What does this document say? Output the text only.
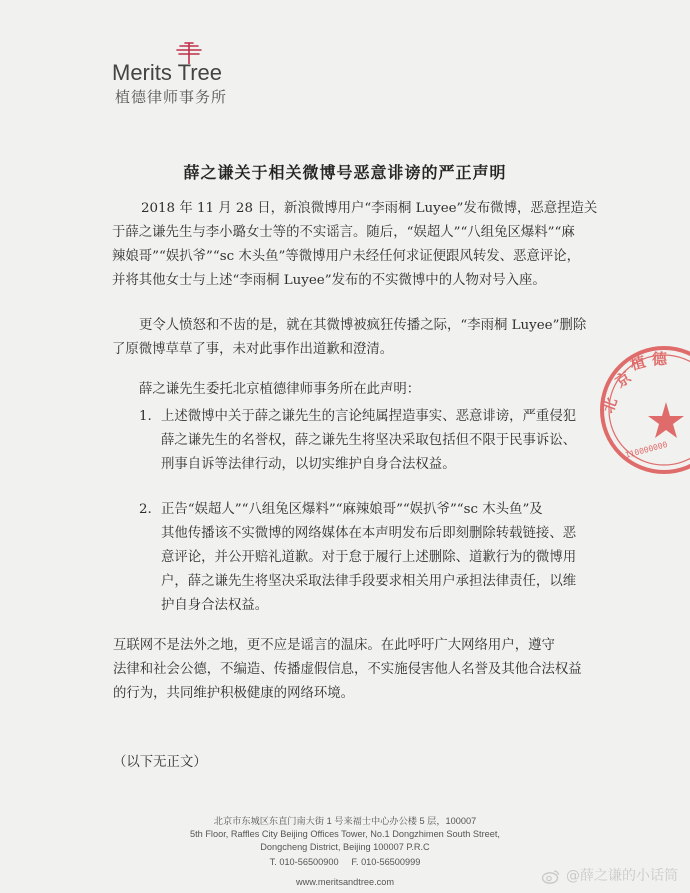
Merits Tree
植德律师事务所
薛之谦关于相关微博号恶意诽谤的严正声明
2018 年 11 月 28 日，新浪微博用户“李雨桐 Luyee”发布微博，恶意捏造关
于薛之谦先生与李小璐女士等的不实谣言。随后，“娱超人”“八组兔区爆料”“麻
辣娘哥”“娱扒爷”“sc 木头鱼”等微博用户未经任何求证便跟风转发、恶意评论，
并将其他女士与上述“李雨桐 Luyee”发布的不实微博中的人物对号入座。
更令人愤怒和不齿的是，就在其微博被疯狂传播之际，“李雨桐 Luyee”删除
了原微博草草了事，未对此事作出道歉和澄清。
薛之谦先生委托北京植德律师事务所在此声明：
1. 上述微博中关于薛之谦先生的言论纯属捏造事实、恶意诽谤，严重侵犯
薛之谦先生的名誉权，薛之谦先生将坚决采取包括但不限于民事诉讼、
刑事自诉等法律行动，以切实维护自身合法权益。
2. 正告“娱超人”“八组兔区爆料”“麻辣娘哥”“娱扒爷”“sc 木头鱼”及
其他传播该不实微博的网络媒体在本声明发布后即刻删除转载链接、恶
意评论，并公开赔礼道歉。对于怠于履行上述删除、道歉行为的微博用
户，薛之谦先生将坚决采取法律手段要求相关用户承担法律责任，以维
护自身合法权益。
互联网不是法外之地，更不应是谣言的温床。在此呼吁广大网络用户，遵守
法律和社会公德，不编造、传播虚假信息，不实施侵害他人名誉及其他合法权益
的行为，共同维护积极健康的网络环境。
（以下无正文）
京
植 德
北
110000000
北京市东城区东直门南大街 1 号来福士中心办公楼 5 层，100007
5th Floor, Raffles City Beijing Offices Tower, No.1 Dongzhimen South Street,
Dongcheng District, Beijing 100007 P.R.C
T. 010-56500900 F. 010-56500999
www.meritsandtree.com	@薛之谦的小话筒
